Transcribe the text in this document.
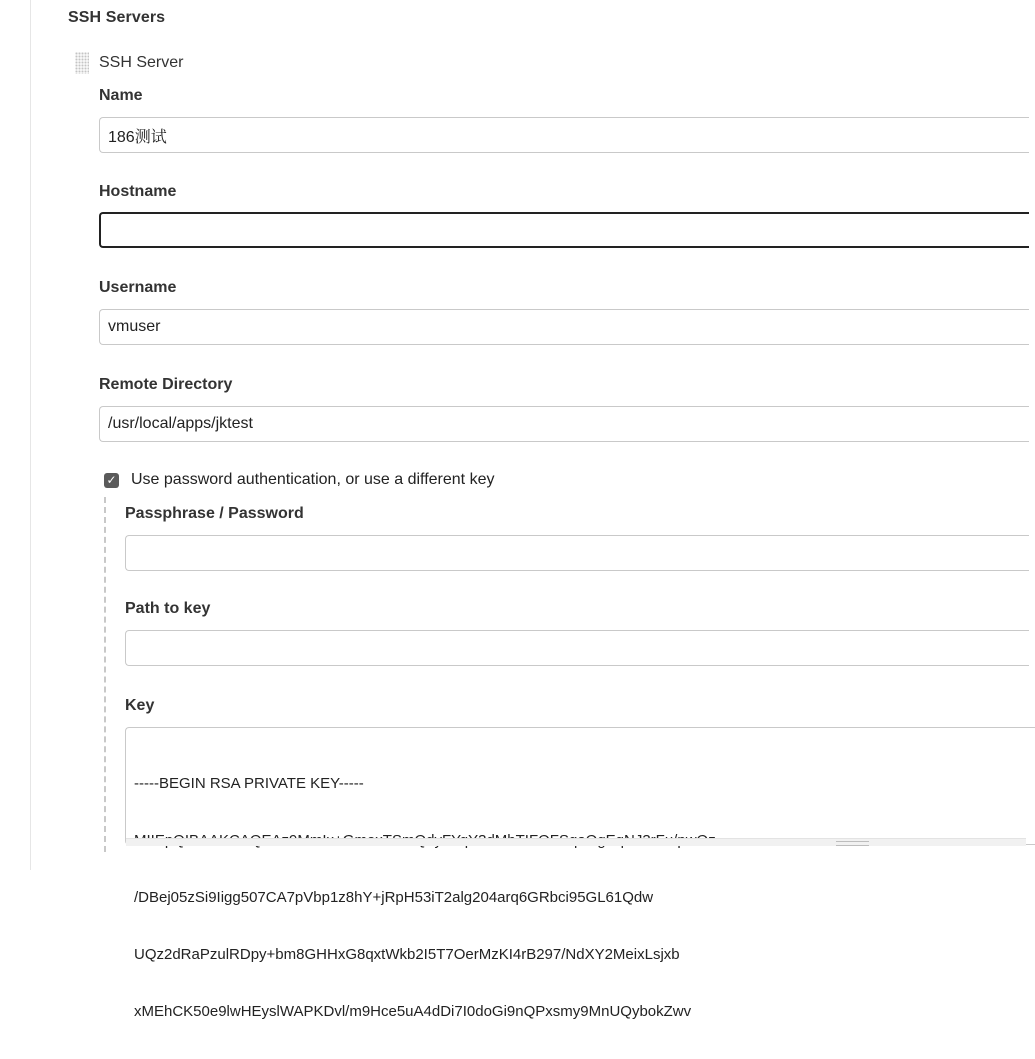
SSH Servers
SSH Server
Name
186测试
Hostname
Username
vmuser
Remote Directory
/usr/local/apps/jktest
✓ Use password authentication, or use a different key
Passphrase / Password
Path to key
Key

-----BEGIN RSA PRIVATE KEY-----

/DBej05zSi9Iigg507CA7pVbp1z8hY+jRpH53iT2alg204arq6GRbci95GL61Qdw

UQz2dRaPzulRDpy+bm8GHHxG8qxtWkb2I5T7OerMzKI4rB297/NdXY2MeixLsjxb

xMEhCK50e9lwHEyslWAPKDvl/m9Hce5uA4dDi7I0doGi9nQPxsmy9MnUQybokZwv
